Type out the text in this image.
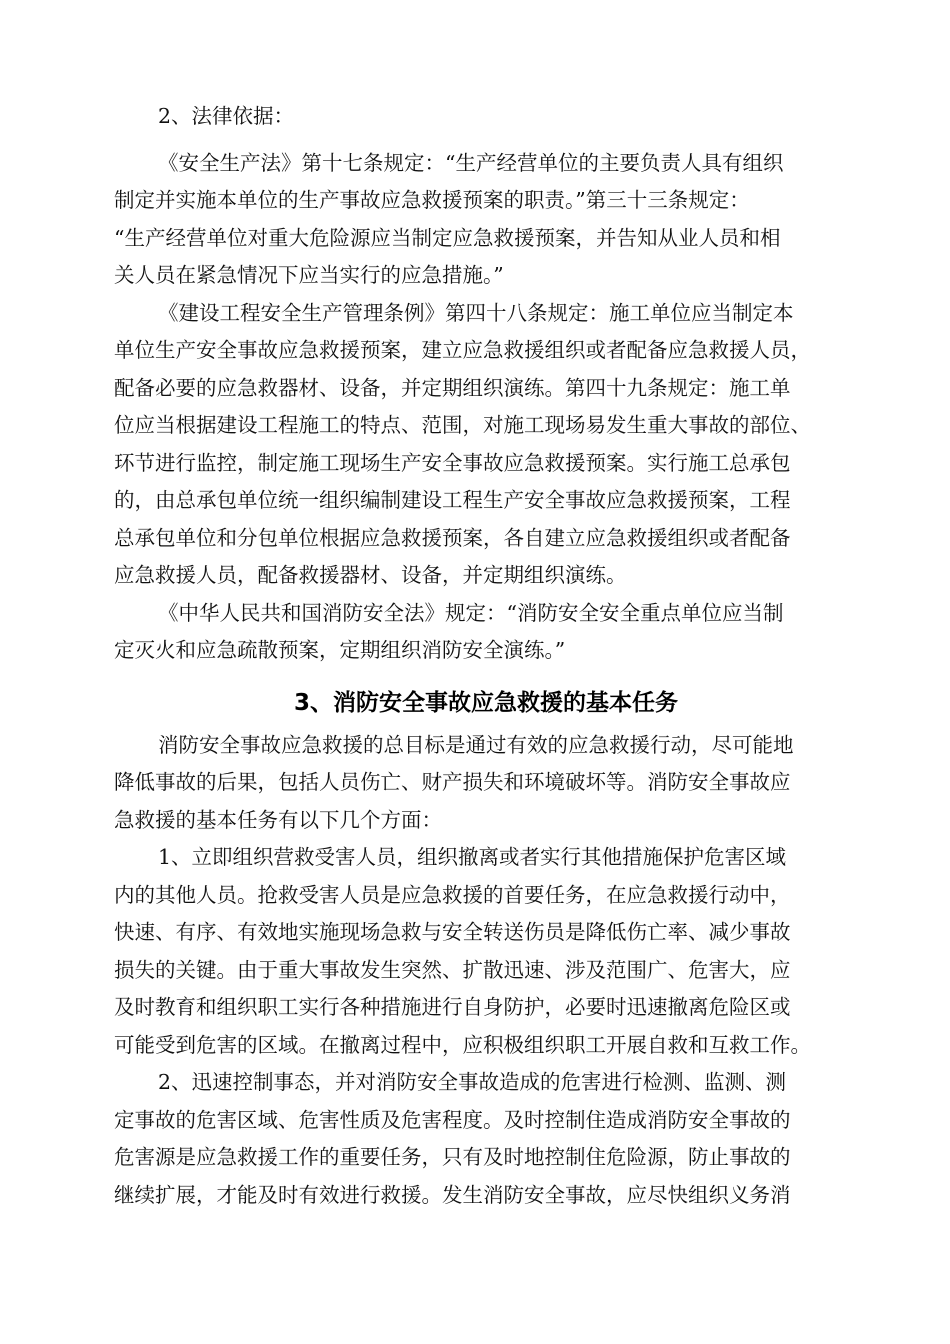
2、法律依据：

《安全生产法》第十七条规定：“生产经营单位的主要负责人具有组织

制定并实施本单位的生产事故应急救援预案的职责。”第三十三条规定：

“生产经营单位对重大危险源应当制定应急救援预案，并告知从业人员和相

关人员在紧急情况下应当实行的应急措施。”

《建设工程安全生产管理条例》第四十八条规定：施工单位应当制定本

单位生产安全事故应急救援预案，建立应急救援组织或者配备应急救援人员，

配备必要的应急救器材、设备，并定期组织演练。第四十九条规定：施工单

位应当根据建设工程施工的特点、范围，对施工现场易发生重大事故的部位、

环节进行监控，制定施工现场生产安全事故应急救援预案。实行施工总承包

的，由总承包单位统一组织编制建设工程生产安全事故应急救援预案，工程

总承包单位和分包单位根据应急救援预案，各自建立应急救援组织或者配备

应急救援人员，配备救援器材、设备，并定期组织演练。

《中华人民共和国消防安全法》规定：“消防安全安全重点单位应当制

定灭火和应急疏散预案，定期组织消防安全演练。”

3、消防安全事故应急救援的基本任务

消防安全事故应急救援的总目标是通过有效的应急救援行动，尽可能地

降低事故的后果，包括人员伤亡、财产损失和环境破坏等。消防安全事故应

急救援的基本任务有以下几个方面：

1、立即组织营救受害人员，组织撤离或者实行其他措施保护危害区域

内的其他人员。抢救受害人员是应急救援的首要任务，在应急救援行动中，

快速、有序、有效地实施现场急救与安全转送伤员是降低伤亡率、减少事故

损失的关键。由于重大事故发生突然、扩散迅速、涉及范围广、危害大，应

及时教育和组织职工实行各种措施进行自身防护，必要时迅速撤离危险区或

可能受到危害的区域。在撤离过程中，应积极组织职工开展自救和互救工作。

2、迅速控制事态，并对消防安全事故造成的危害进行检测、监测、测

定事故的危害区域、危害性质及危害程度。及时控制住造成消防安全事故的

危害源是应急救援工作的重要任务，只有及时地控制住危险源，防止事故的

继续扩展，才能及时有效进行救援。发生消防安全事故，应尽快组织义务消
